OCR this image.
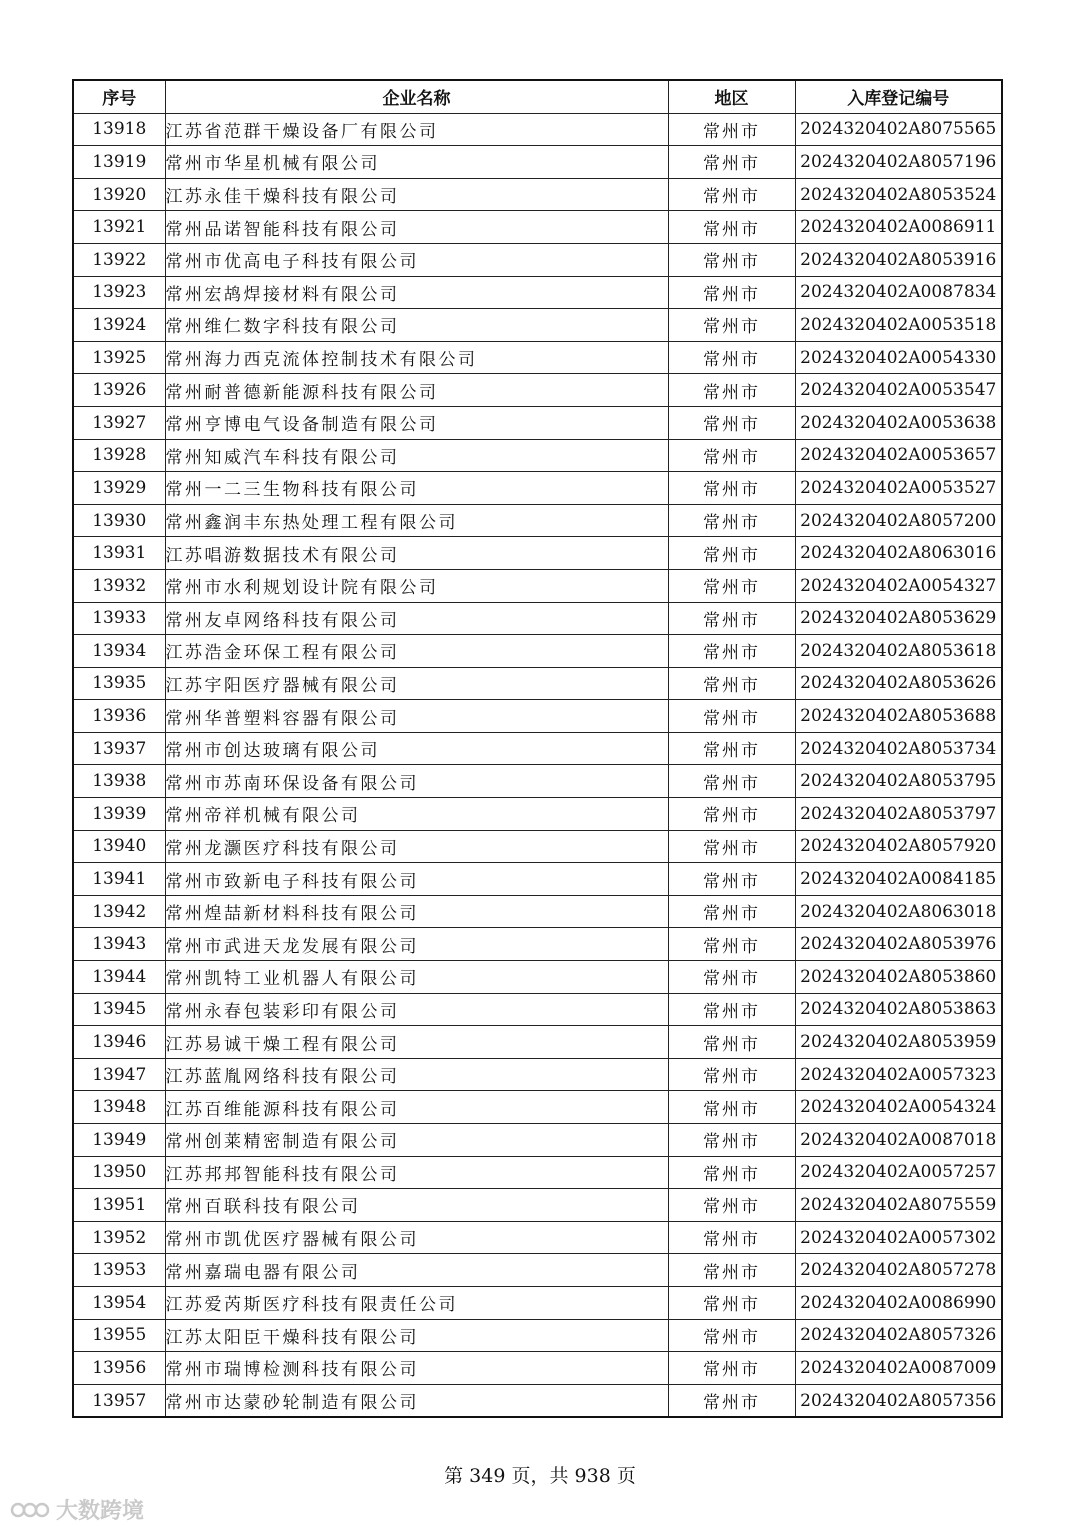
序号	企业名称	地区	入库登记编号
13918	江苏省范群干燥设备厂有限公司	常州市	2024320402A8075565
13919	常州市华星机械有限公司	常州市	2024320402A8057196
13920	江苏永佳干燥科技有限公司	常州市	2024320402A8053524
13921	常州品诺智能科技有限公司	常州市	2024320402A0086911
13922	常州市优高电子科技有限公司	常州市	2024320402A8053916
13923	常州宏鸪焊接材料有限公司	常州市	2024320402A0087834
13924	常州维仁数字科技有限公司	常州市	2024320402A0053518
13925	常州海力西克流体控制技术有限公司	常州市	2024320402A0054330
13926	常州耐普德新能源科技有限公司	常州市	2024320402A0053547
13927	常州亨博电气设备制造有限公司	常州市	2024320402A0053638
13928	常州知威汽车科技有限公司	常州市	2024320402A0053657
13929	常州一二三生物科技有限公司	常州市	2024320402A0053527
13930	常州鑫润丰东热处理工程有限公司	常州市	2024320402A8057200
13931	江苏唱游数据技术有限公司	常州市	2024320402A8063016
13932	常州市水利规划设计院有限公司	常州市	2024320402A0054327
13933	常州友卓网络科技有限公司	常州市	2024320402A8053629
13934	江苏浩金环保工程有限公司	常州市	2024320402A8053618
13935	江苏宇阳医疗器械有限公司	常州市	2024320402A8053626
13936	常州华普塑料容器有限公司	常州市	2024320402A8053688
13937	常州市创达玻璃有限公司	常州市	2024320402A8053734
13938	常州市苏南环保设备有限公司	常州市	2024320402A8053795
13939	常州帝祥机械有限公司	常州市	2024320402A8053797
13940	常州龙灏医疗科技有限公司	常州市	2024320402A8057920
13941	常州市致新电子科技有限公司	常州市	2024320402A0084185
13942	常州煌喆新材料科技有限公司	常州市	2024320402A8063018
13943	常州市武进天龙发展有限公司	常州市	2024320402A8053976
13944	常州凯特工业机器人有限公司	常州市	2024320402A8053860
13945	常州永春包装彩印有限公司	常州市	2024320402A8053863
13946	江苏易诚干燥工程有限公司	常州市	2024320402A8053959
13947	江苏蓝胤网络科技有限公司	常州市	2024320402A0057323
13948	江苏百维能源科技有限公司	常州市	2024320402A0054324
13949	常州创莱精密制造有限公司	常州市	2024320402A0087018
13950	江苏邦邦智能科技有限公司	常州市	2024320402A0057257
13951	常州百联科技有限公司	常州市	2024320402A8075559
13952	常州市凯优医疗器械有限公司	常州市	2024320402A0057302
13953	常州嘉瑞电器有限公司	常州市	2024320402A8057278
13954	江苏爱芮斯医疗科技有限责任公司	常州市	2024320402A0086990
13955	江苏太阳臣干燥科技有限公司	常州市	2024320402A8057326
13956	常州市瑞博检测科技有限公司	常州市	2024320402A0087009
13957	常州市达蒙砂轮制造有限公司	常州市	2024320402A8057356
第 349 页，共 938 页
大数跨境
